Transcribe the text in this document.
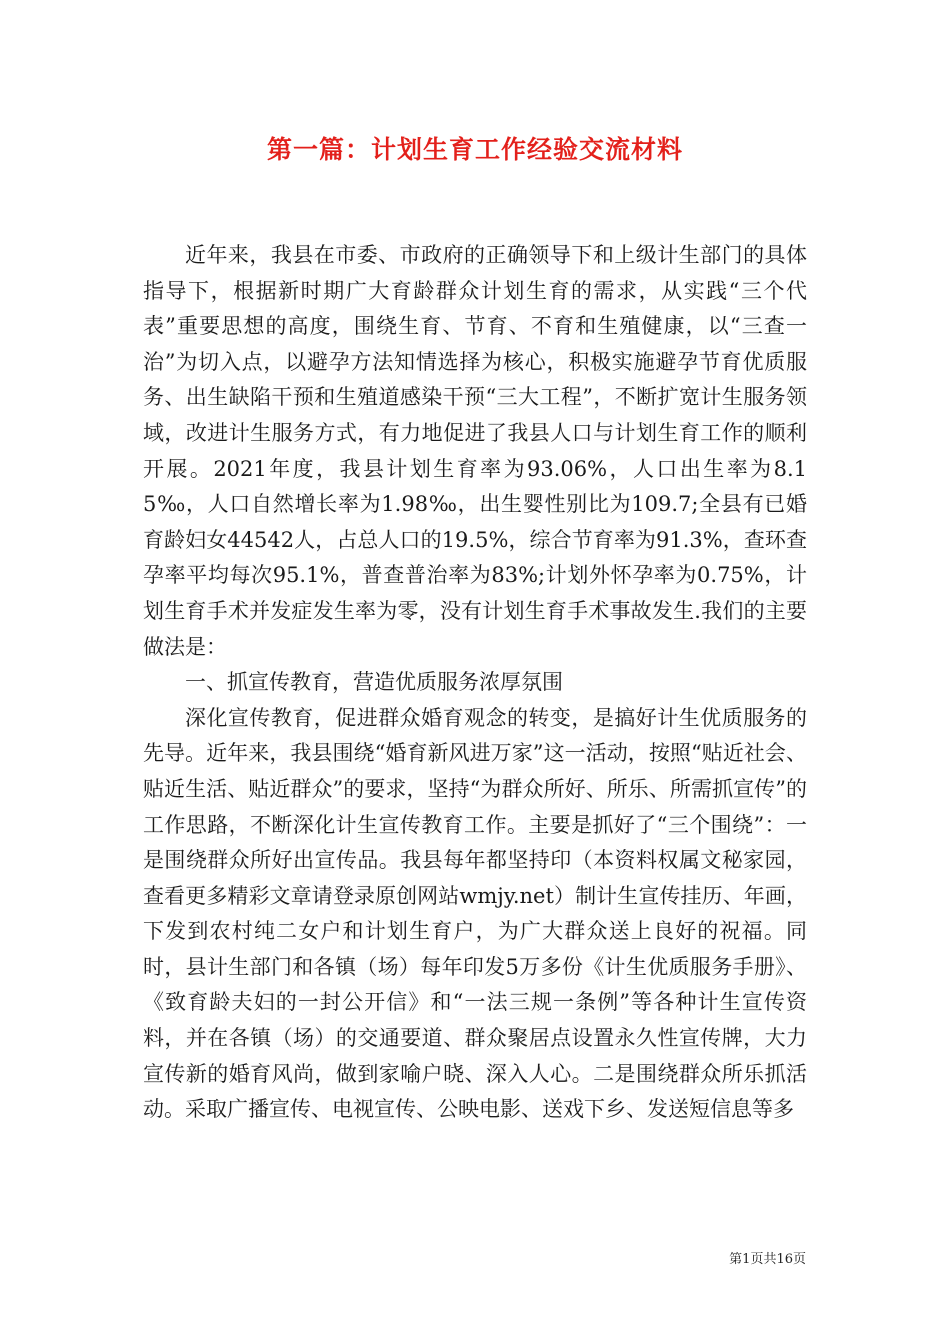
第一篇：计划生育工作经验交流材料

近年来，我县在市委、市政府的正确领导下和上级计生部门的具体指导下，根据新时期广大育龄群众计划生育的需求，从实践“三个代表”重要思想的高度，围绕生育、节育、不育和生殖健康，以“三查一治”为切入点，以避孕方法知情选择为核心，积极实施避孕节育优质服务、出生缺陷干预和生殖道感染干预“三大工程”，不断扩宽计生服务领域，改进计生服务方式，有力地促进了我县人口与计划生育工作的顺利开展。2021年度，我县计划生育率为93.06%，人口出生率为8.15‰，人口自然增长率为1.98‰，出生婴性别比为109.7;全县有已婚育龄妇女44542人，占总人口的19.5%，综合节育率为91.3%，查环查孕率平均每次95.1%，普查普治率为83%;计划外怀孕率为0.75%，计划生育手术并发症发生率为零，没有计划生育手术事故发生.我们的主要做法是：

一、抓宣传教育，营造优质服务浓厚氛围

深化宣传教育，促进群众婚育观念的转变，是搞好计生优质服务的先导。近年来，我县围绕“婚育新风进万家”这一活动，按照“贴近社会、贴近生活、贴近群众”的要求，坚持“为群众所好、所乐、所需抓宣传”的工作思路，不断深化计生宣传教育工作。主要是抓好了“三个围绕”：一是围绕群众所好出宣传品。我县每年都坚持印（本资料权属文秘家园，查看更多精彩文章请登录原创网站wmjy.net）制计生宣传挂历、年画，下发到农村纯二女户和计划生育户，为广大群众送上良好的祝福。同时，县计生部门和各镇（场）每年印发5万多份《计生优质服务手册》、《致育龄夫妇的一封公开信》和“一法三规一条例”等各种计生宣传资料，并在各镇（场）的交通要道、群众聚居点设置永久性宣传牌，大力宣传新的婚育风尚，做到家喻户晓、深入人心。二是围绕群众所乐抓活动。采取广播宣传、电视宣传、公映电影、送戏下乡、发送短信息等多

第1页共16页
